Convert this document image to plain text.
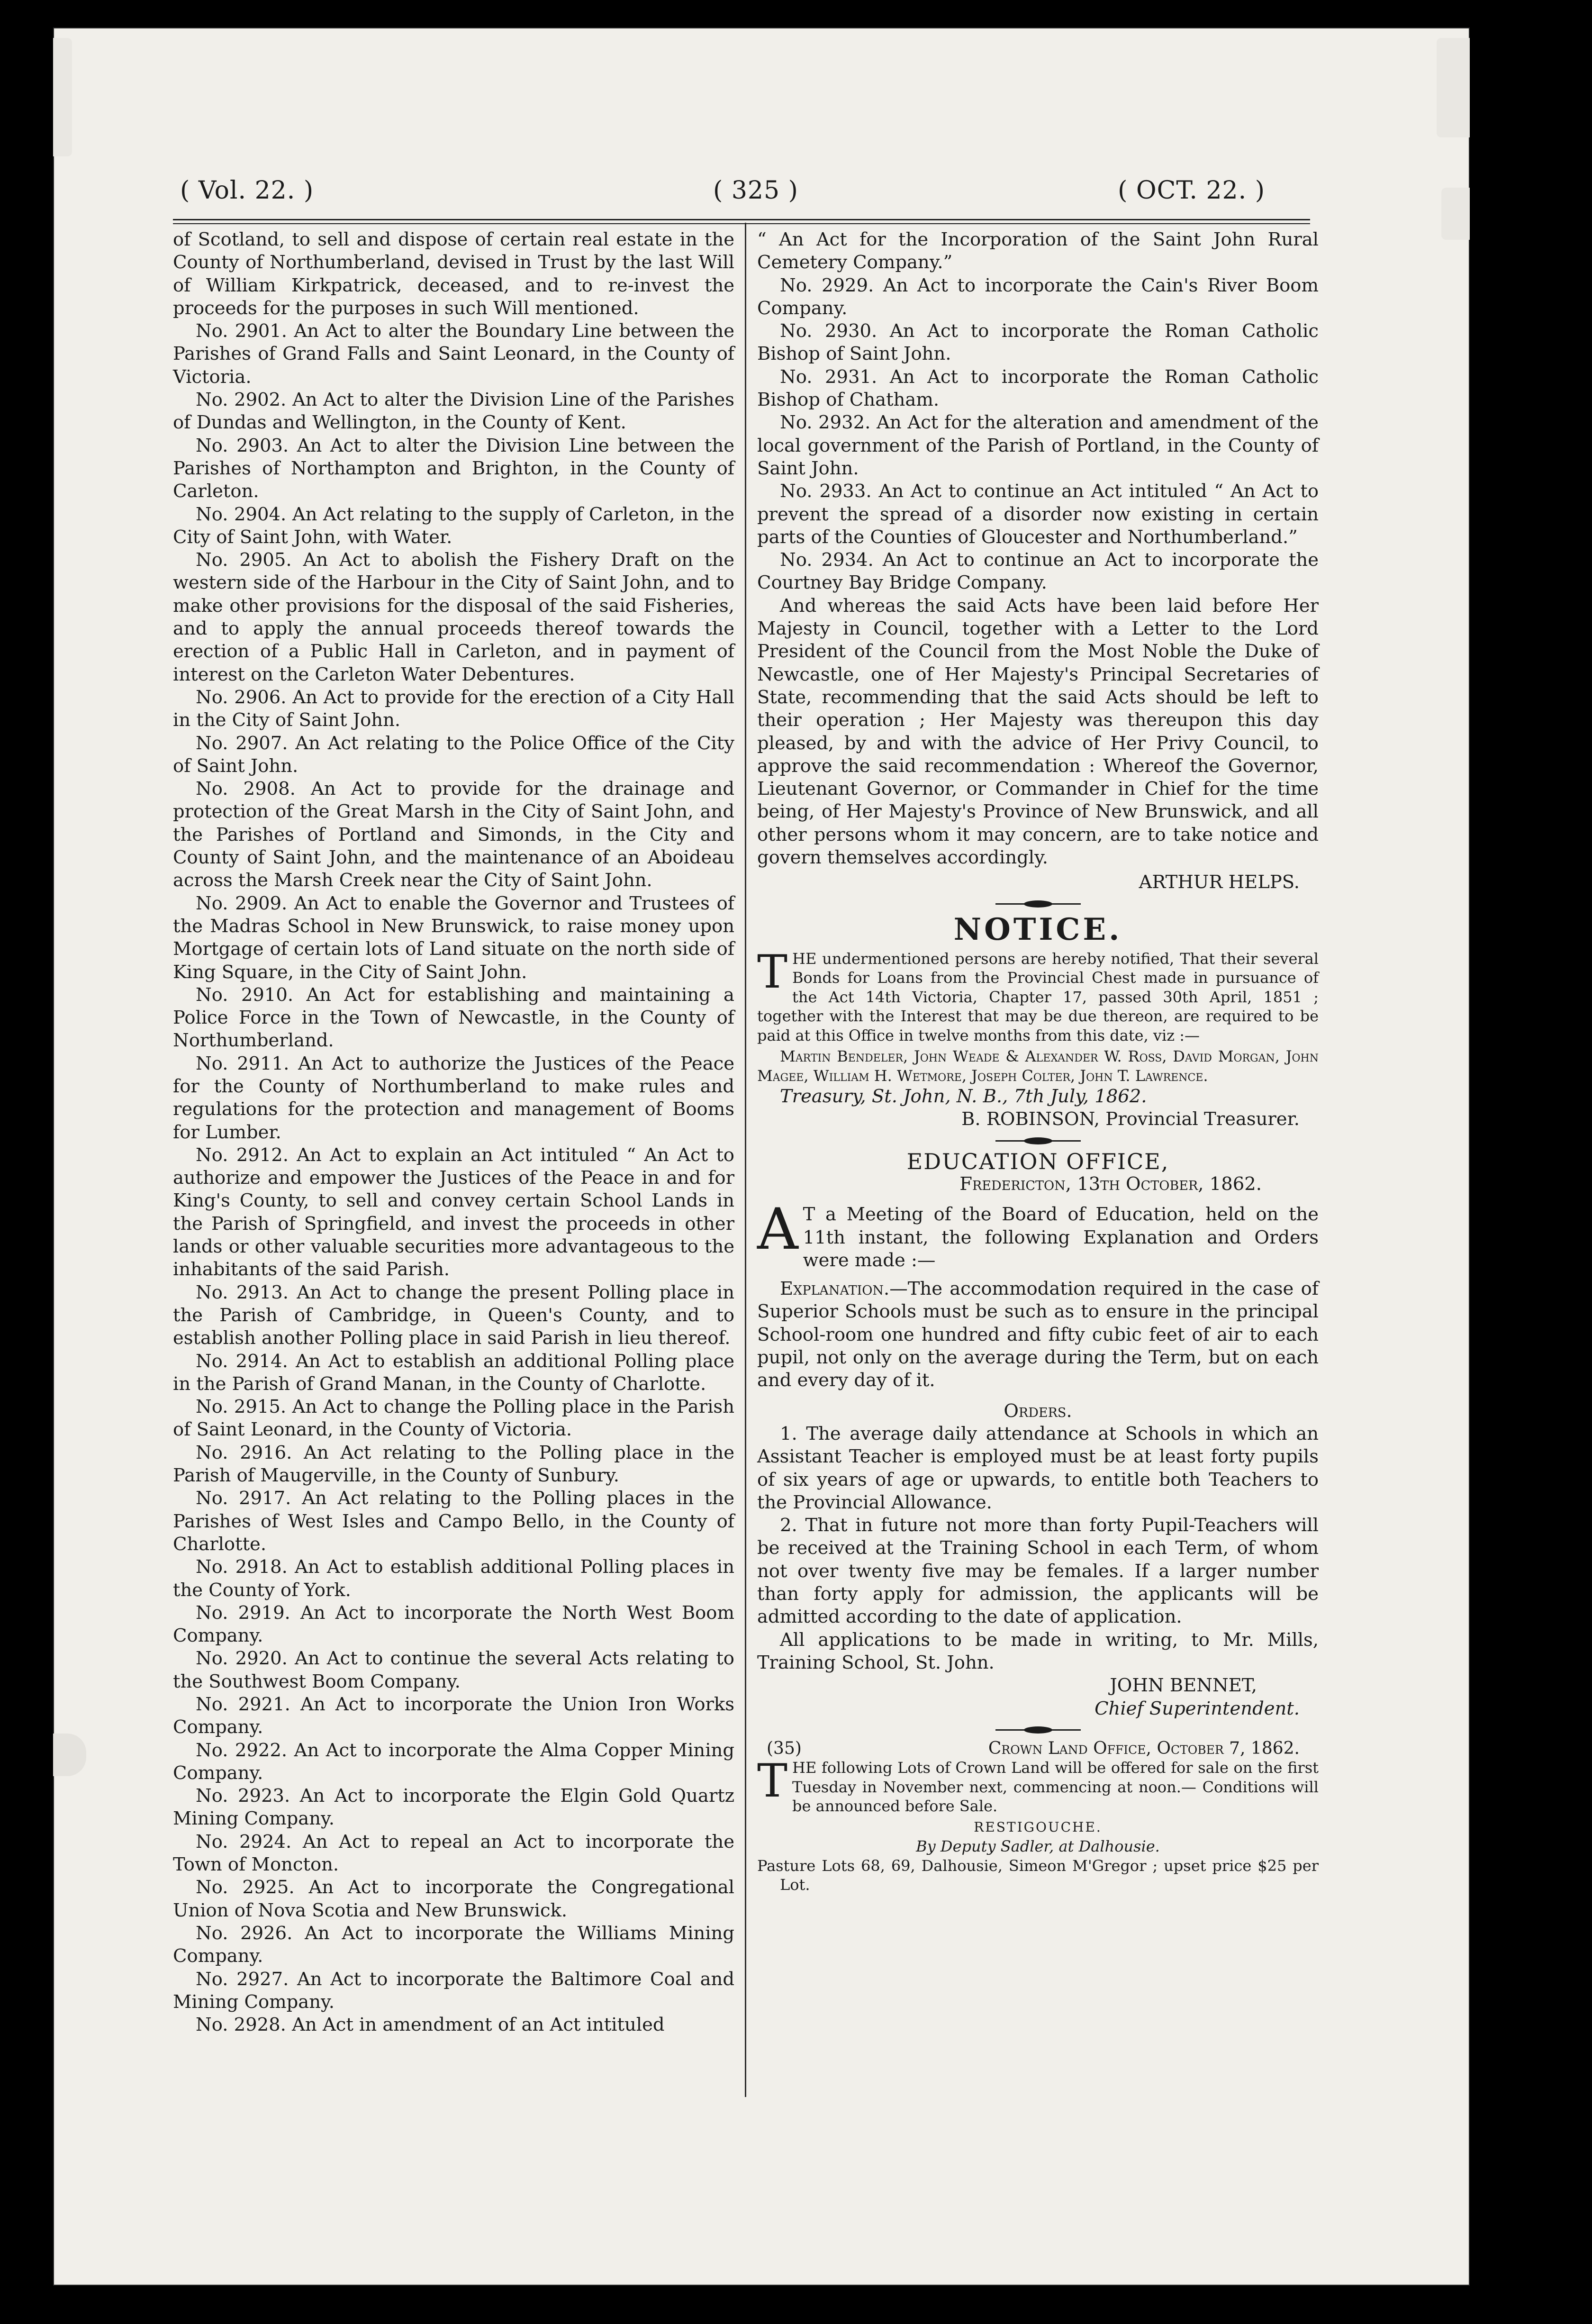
( Vol. 22. )	( 325 )	( OCT. 22. )

of Scotland, to sell and dispose of certain real estate in the County of Northumberland, devised in Trust by the last Will of William Kirkpatrick, deceased, and to re-invest the proceeds for the purposes in such Will mentioned.

No. 2901. An Act to alter the Boundary Line between the Parishes of Grand Falls and Saint Leonard, in the County of Victoria.

No. 2902. An Act to alter the Division Line of the Parishes of Dundas and Wellington, in the County of Kent.

No. 2903. An Act to alter the Division Line between the Parishes of Northampton and Brighton, in the County of Carleton.

No. 2904. An Act relating to the supply of Carleton, in the City of Saint John, with Water.

No. 2905. An Act to abolish the Fishery Draft on the western side of the Harbour in the City of Saint John, and to make other provisions for the disposal of the said Fisheries, and to apply the annual proceeds thereof towards the erection of a Public Hall in Carleton, and in payment of interest on the Carleton Water Debentures.

No. 2906. An Act to provide for the erection of a City Hall in the City of Saint John.

No. 2907. An Act relating to the Police Office of the City of Saint John.

No. 2908. An Act to provide for the drainage and protection of the Great Marsh in the City of Saint John, and the Parishes of Portland and Simonds, in the City and County of Saint John, and the maintenance of an Aboideau across the Marsh Creek near the City of Saint John.

No. 2909. An Act to enable the Governor and Trustees of the Madras School in New Brunswick, to raise money upon Mortgage of certain lots of Land situate on the north side of King Square, in the City of Saint John.

No. 2910. An Act for establishing and maintaining a Police Force in the Town of Newcastle, in the County of Northumberland.

No. 2911. An Act to authorize the Justices of the Peace for the County of Northumberland to make rules and regulations for the protection and management of Booms for Lumber.

No. 2912. An Act to explain an Act intituled “ An Act to authorize and empower the Justices of the Peace in and for King's County, to sell and convey certain School Lands in the Parish of Springfield, and invest the proceeds in other lands or other valuable securities more advantageous to the inhabitants of the said Parish.

No. 2913. An Act to change the present Polling place in the Parish of Cambridge, in Queen's County, and to establish another Polling place in said Parish in lieu thereof.

No. 2914. An Act to establish an additional Polling place in the Parish of Grand Manan, in the County of Charlotte.

No. 2915. An Act to change the Polling place in the Parish of Saint Leonard, in the County of Victoria.

No. 2916. An Act relating to the Polling place in the Parish of Maugerville, in the County of Sunbury.

No. 2917. An Act relating to the Polling places in the Parishes of West Isles and Campo Bello, in the County of Charlotte.

No. 2918. An Act to establish additional Polling places in the County of York.

No. 2919. An Act to incorporate the North West Boom Company.

No. 2920. An Act to continue the several Acts relating to the Southwest Boom Company.

No. 2921. An Act to incorporate the Union Iron Works Company.

No. 2922. An Act to incorporate the Alma Copper Mining Company.

No. 2923. An Act to incorporate the Elgin Gold Quartz Mining Company.

No. 2924. An Act to repeal an Act to incorporate the Town of Moncton.

No. 2925. An Act to incorporate the Congregational Union of Nova Scotia and New Brunswick.

No. 2926. An Act to incorporate the Williams Mining Company.

No. 2927. An Act to incorporate the Baltimore Coal and Mining Company.

No. 2928. An Act in amendment of an Act intituled

“ An Act for the Incorporation of the Saint John Rural Cemetery Company.”

No. 2929. An Act to incorporate the Cain's River Boom Company.

No. 2930. An Act to incorporate the Roman Catholic Bishop of Saint John.

No. 2931. An Act to incorporate the Roman Catholic Bishop of Chatham.

No. 2932. An Act for the alteration and amendment of the local government of the Parish of Portland, in the County of Saint John.

No. 2933. An Act to continue an Act intituled “ An Act to prevent the spread of a disorder now existing in certain parts of the Counties of Gloucester and Northumberland.”

No. 2934. An Act to continue an Act to incorporate the Courtney Bay Bridge Company.

And whereas the said Acts have been laid before Her Majesty in Council, together with a Letter to the Lord President of the Council from the Most Noble the Duke of Newcastle, one of Her Majesty's Principal Secretaries of State, recommending that the said Acts should be left to their operation ; Her Majesty was thereupon this day pleased, by and with the advice of Her Privy Council, to approve the said recommendation : Whereof the Governor, Lieutenant Governor, or Commander in Chief for the time being, of Her Majesty's Province of New Brunswick, and all other persons whom it may concern, are to take notice and govern themselves accordingly.

ARTHUR HELPS.

NOTICE.
T HE undermentioned persons are hereby notified, That their several Bonds for Loans from the Provincial Chest made in pursuance of the Act 14th Victoria, Chapter 17, passed 30th April, 1851 ; together with the Interest that may be due thereon, are required to be paid at this Office in twelve months from this date, viz :—

Martin Bendeler, John Weade & Alexander W. Ross, David Morgan, John Magee, William H. Wetmore, Joseph Colter, John T. Lawrence.

Treasury, St. John, N. B., 7th July, 1862.

B. ROBINSON, Provincial Treasurer.

EDUCATION OFFICE,

Fredericton, 13th October, 1862.

A T a Meeting of the Board of Education, held on the 11th instant, the following Explanation and Orders were made :—

Explanation.—The accommodation required in the case of Superior Schools must be such as to ensure in the principal School-room one hundred and fifty cubic feet of air to each pupil, not only on the average during the Term, but on each and every day of it.

Orders.

1. The average daily attendance at Schools in which an Assistant Teacher is employed must be at least forty pupils of six years of age or upwards, to entitle both Teachers to the Provincial Allowance.

2. That in future not more than forty Pupil-Teachers will be received at the Training School in each Term, of whom not over twenty five may be females. If a larger number than forty apply for admission, the applicants will be admitted according to the date of application.

All applications to be made in writing, to Mr. Mills, Training School, St. John.

JOHN BENNET,

Chief Superintendent.

(35)	Crown Land Office, October 7, 1862.

T HE following Lots of Crown Land will be offered for sale on the first Tuesday in November next, commencing at noon.— Conditions will be announced before Sale.

RESTIGOUCHE.

By Deputy Sadler, at Dalhousie.

Pasture Lots 68, 69, Dalhousie, Simeon M'Gregor ; upset price $25 per Lot.
